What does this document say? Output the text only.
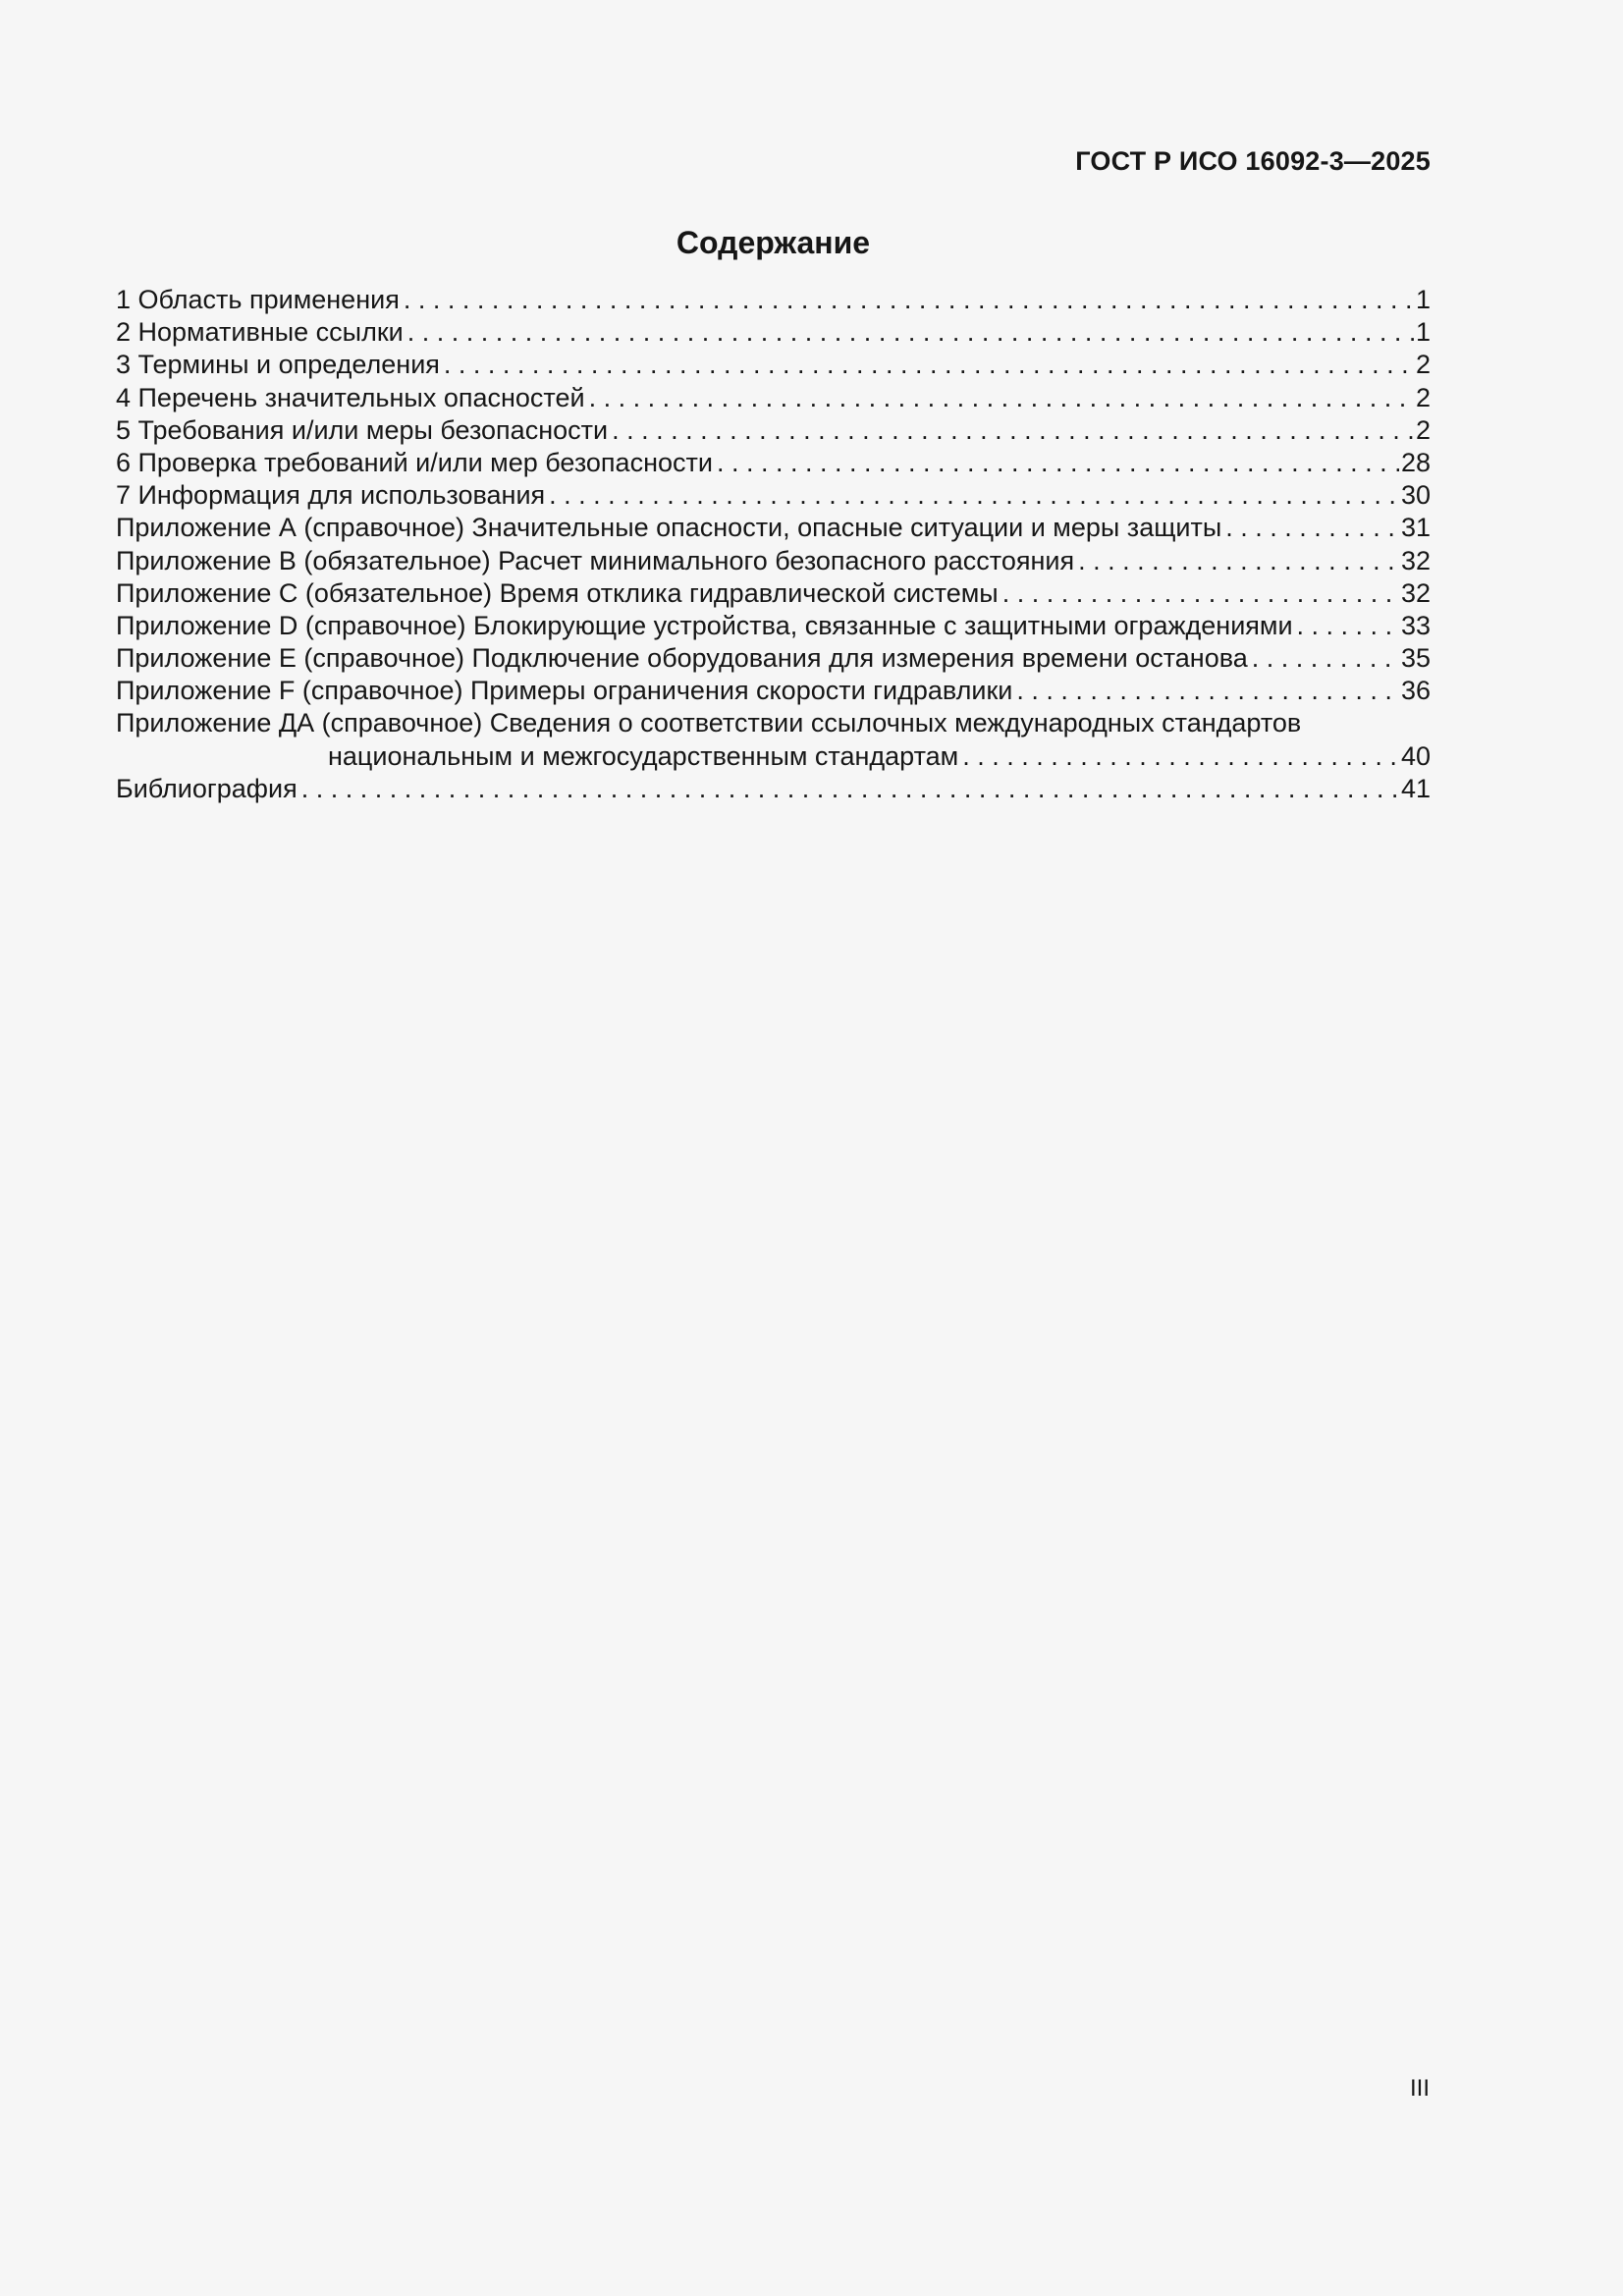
ГОСТ Р ИСО 16092-3—2025
Содержание
1 Область применения . . .	1
2 Нормативные ссылки . . .	1
3 Термины и определения . . .	2
4 Перечень значительных опасностей . . .	2
5 Требования и/или меры безопасности . . .	2
6 Проверка требований и/или мер безопасности . . .	28
7 Информация для использования . . .	30
Приложение А (справочное) Значительные опасности, опасные ситуации и меры защиты . . .	31
Приложение В (обязательное) Расчет минимального безопасного расстояния . . .	32
Приложение С (обязательное) Время отклика гидравлической системы . . .	32
Приложение D (справочное) Блокирующие устройства, связанные с защитными ограждениями . . .	33
Приложение Е (справочное) Подключение оборудования для измерения времени останова . . .	35
Приложение F (справочное) Примеры ограничения скорости гидравлики . . .	36
Приложение ДА (справочное) Сведения о соответствии ссылочных международных стандартов
национальным и межгосударственным стандартам . . .	40
Библиография . . .	41
III
